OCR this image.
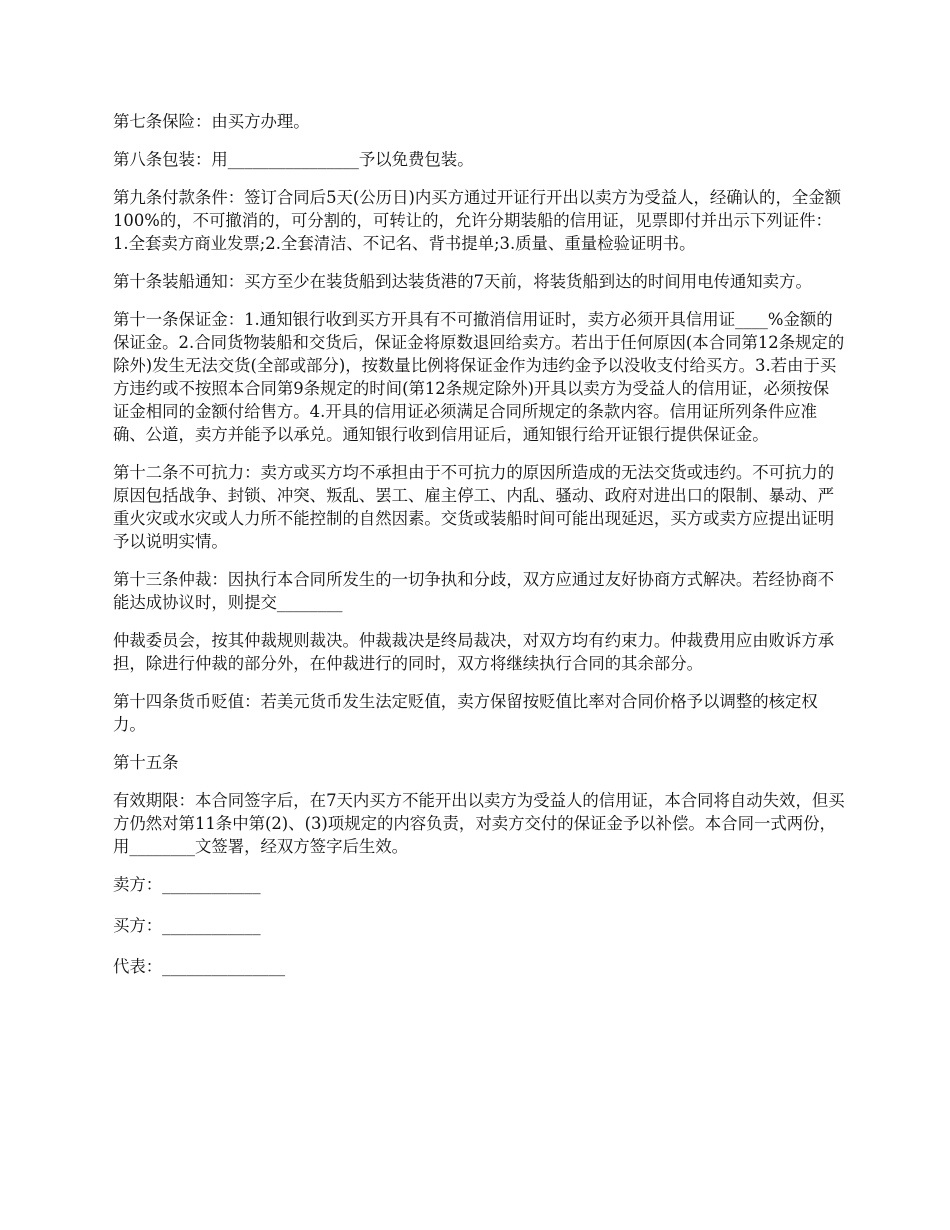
第七条保险：由买方办理。

第八条包装：用________________予以免费包装。

第九条付款条件：签订合同后5天(公历日)内买方通过开证行开出以卖方为受益人，经确认的，全金额100%的，不可撤消的，可分割的，可转让的，允许分期装船的信用证，见票即付并出示下列证件：1.全套卖方商业发票;2.全套清洁、不记名、背书提单;3.质量、重量检验证明书。

第十条装船通知：买方至少在装货船到达装货港的7天前，将装货船到达的时间用电传通知卖方。

第十一条保证金：1.通知银行收到买方开具有不可撤消信用证时，卖方必须开具信用证____%金额的保证金。2.合同货物装船和交货后，保证金将原数退回给卖方。若出于任何原因(本合同第12条规定的除外)发生无法交货(全部或部分)，按数量比例将保证金作为违约金予以没收支付给买方。3.若由于买方违约或不按照本合同第9条规定的时间(第12条规定除外)开具以卖方为受益人的信用证，必须按保证金相同的金额付给售方。4.开具的信用证必须满足合同所规定的条款内容。信用证所列条件应准确、公道，卖方并能予以承兑。通知银行收到信用证后，通知银行给开证银行提供保证金。

第十二条不可抗力：卖方或买方均不承担由于不可抗力的原因所造成的无法交货或违约。不可抗力的原因包括战争、封锁、冲突、叛乱、罢工、雇主停工、内乱、骚动、政府对进出口的限制、暴动、严重火灾或水灾或人力所不能控制的自然因素。交货或装船时间可能出现延迟，买方或卖方应提出证明予以说明实情。

第十三条仲裁：因执行本合同所发生的一切争执和分歧，双方应通过友好协商方式解决。若经协商不能达成协议时，则提交________

仲裁委员会，按其仲裁规则裁决。仲裁裁决是终局裁决，对双方均有约束力。仲裁费用应由败诉方承担，除进行仲裁的部分外，在仲裁进行的同时，双方将继续执行合同的其余部分。

第十四条货币贬值：若美元货币发生法定贬值，卖方保留按贬值比率对合同价格予以调整的核定权力。

第十五条

有效期限：本合同签字后，在7天内买方不能开出以卖方为受益人的信用证，本合同将自动失效，但买方仍然对第11条中第(2)、(3)项规定的内容负责，对卖方交付的保证金予以补偿。本合同一式两份，用________文签署，经双方签字后生效。

卖方：____________
买方：____________
代表：_______________
